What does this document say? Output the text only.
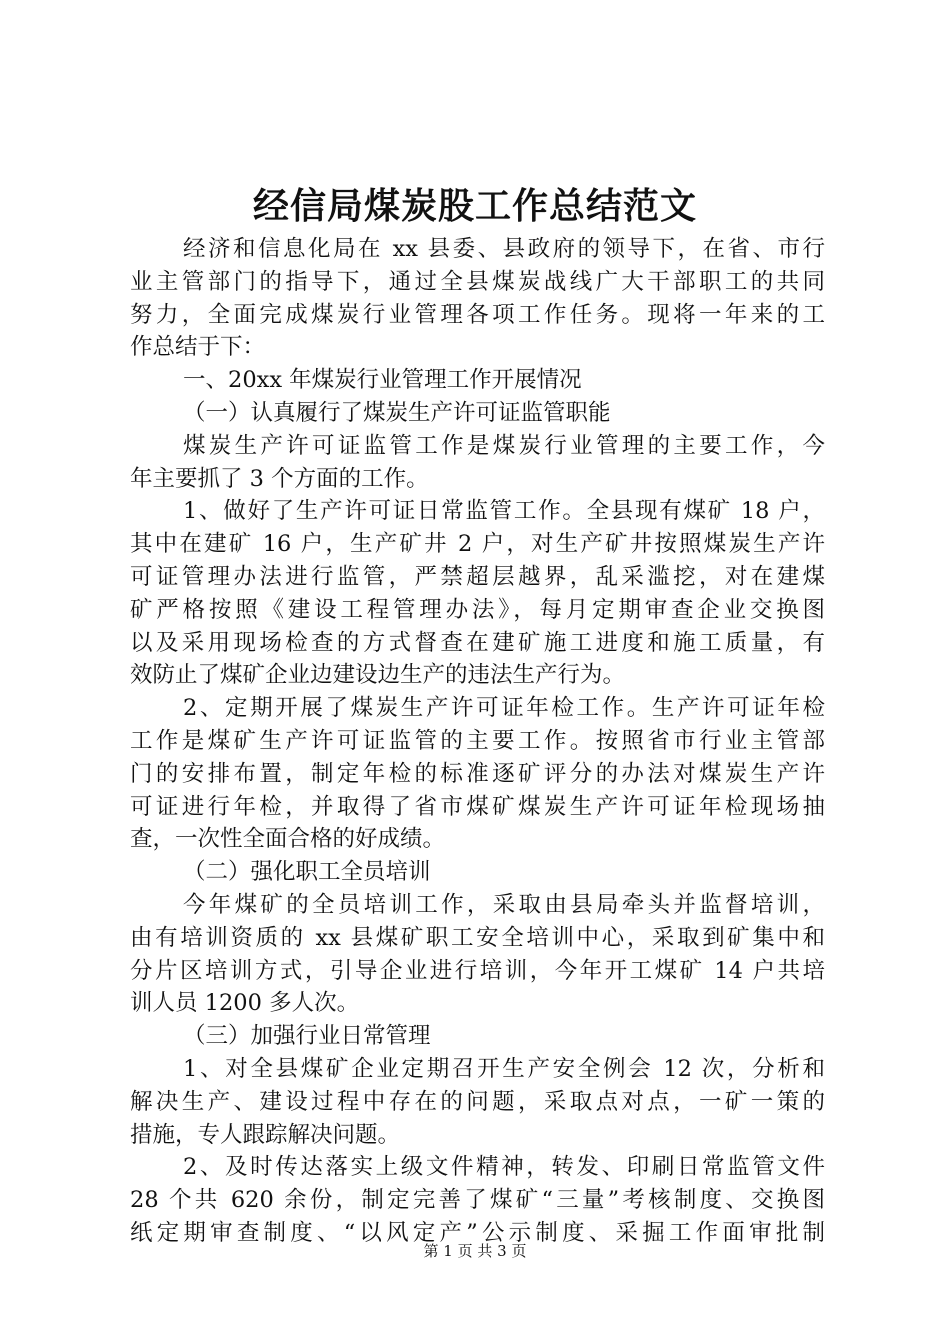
经信局煤炭股工作总结范文
经济和信息化局在 xx 县委、县政府的领导下，在省、市行
业主管部门的指导下，通过全县煤炭战线广大干部职工的共同
努力，全面完成煤炭行业管理各项工作任务。现将一年来的工
作总结于下：
一、20xx 年煤炭行业管理工作开展情况
（一）认真履行了煤炭生产许可证监管职能
煤炭生产许可证监管工作是煤炭行业管理的主要工作，今
年主要抓了 3 个方面的工作。
1、做好了生产许可证日常监管工作。全县现有煤矿 18 户，
其中在建矿 16 户，生产矿井 2 户，对生产矿井按照煤炭生产许
可证管理办法进行监管，严禁超层越界，乱采滥挖，对在建煤
矿严格按照《建设工程管理办法》，每月定期审查企业交换图
以及采用现场检查的方式督查在建矿施工进度和施工质量，有
效防止了煤矿企业边建设边生产的违法生产行为。
2、定期开展了煤炭生产许可证年检工作。生产许可证年检
工作是煤矿生产许可证监管的主要工作。按照省市行业主管部
门的安排布置，制定年检的标准逐矿评分的办法对煤炭生产许
可证进行年检，并取得了省市煤矿煤炭生产许可证年检现场抽
查，一次性全面合格的好成绩。
（二）强化职工全员培训
今年煤矿的全员培训工作，采取由县局牵头并监督培训，
由有培训资质的 xx 县煤矿职工安全培训中心，采取到矿集中和
分片区培训方式，引导企业进行培训，今年开工煤矿 14 户共培
训人员 1200 多人次。
（三）加强行业日常管理
1、对全县煤矿企业定期召开生产安全例会 12 次，分析和
解决生产、建设过程中存在的问题，采取点对点，一矿一策的
措施，专人跟踪解决问题。
2、及时传达落实上级文件精神，转发、印刷日常监管文件
28 个共 620 余份，制定完善了煤矿“三量”考核制度、交换图
纸定期审查制度、“以风定产”公示制度、采掘工作面审批制
第 1 页 共 3 页
